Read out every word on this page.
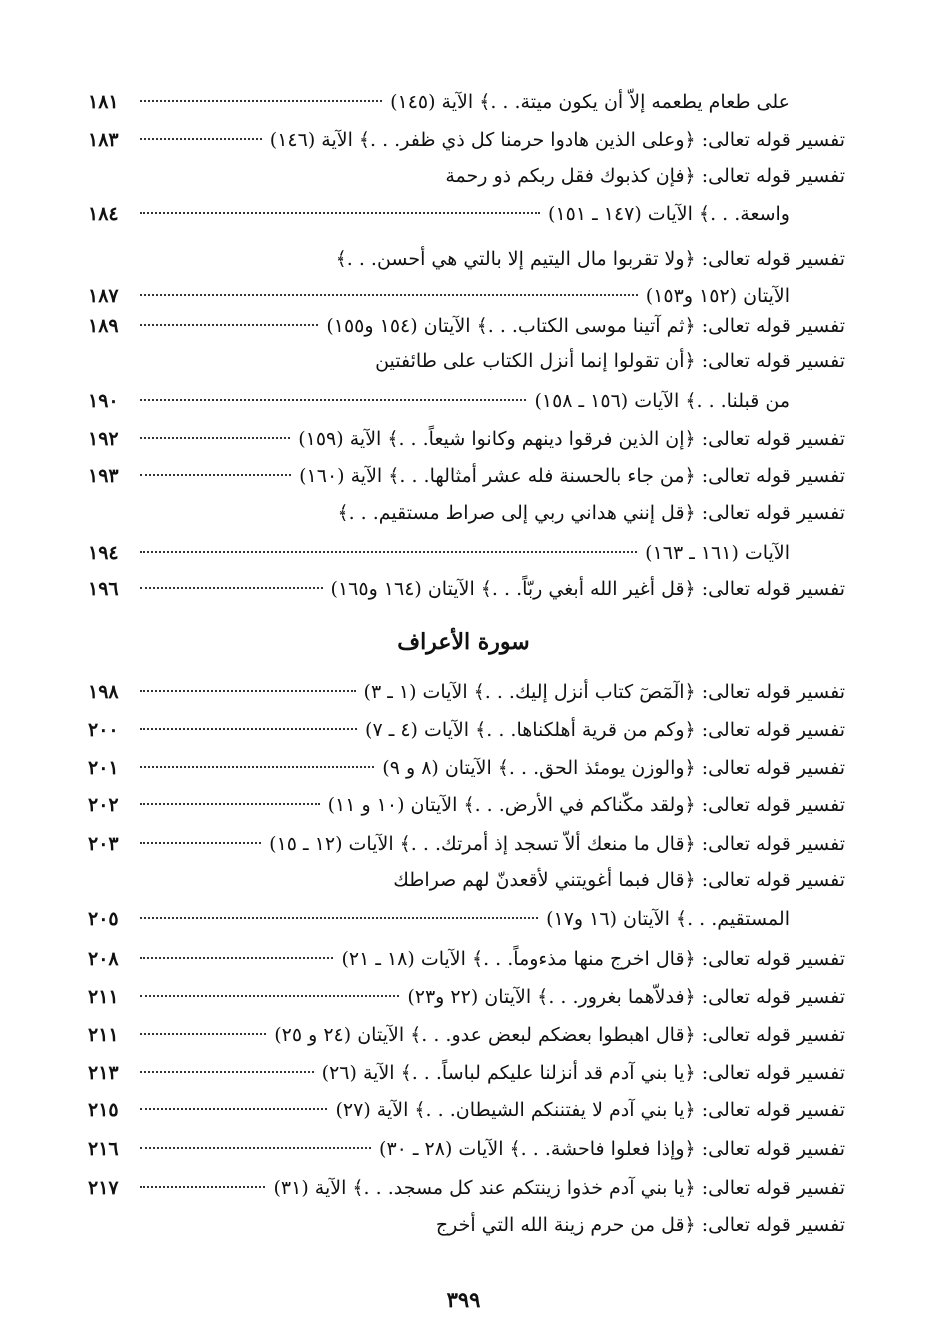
على طعام يطعمه إلاّ أن يكون ميتة. . .﴾ الآية (١٤٥)
١٨١
تفسير قوله تعالى: ﴿وعلى الذين هادوا حرمنا كل ذي ظفر. . .﴾ الآية (١٤٦)
١٨٣
تفسير قوله تعالى: ﴿فإن كذبوك فقل ربكم ذو رحمة
واسعة. . .﴾ الآيات (١٤٧ ـ ١٥١)
١٨٤
تفسير قوله تعالى: ﴿ولا تقربوا مال اليتيم إلا بالتي هي أحسن. . .﴾
الآيتان (١٥٢ و١٥٣)
١٨٧
تفسير قوله تعالى: ﴿ثم آتينا موسى الكتاب. . .﴾ الآيتان (١٥٤ و١٥٥)
١٨٩
تفسير قوله تعالى: ﴿أن تقولوا إنما أنزل الكتاب على طائفتين
من قبلنا. . .﴾ الآيات (١٥٦ ـ ١٥٨)
١٩٠
تفسير قوله تعالى: ﴿إن الذين فرقوا دينهم وكانوا شيعاً. . .﴾ الآية (١٥٩)
١٩٢
تفسير قوله تعالى: ﴿من جاء بالحسنة فله عشر أمثالها. . .﴾ الآية (١٦٠)
١٩٣
تفسير قوله تعالى: ﴿قل إنني هداني ربي إلى صراط مستقيم. . .﴾
الآيات (١٦١ ـ ١٦٣)
١٩٤
تفسير قوله تعالى: ﴿قل أغير الله أبغي ربّاً. . .﴾ الآيتان (١٦٤ و١٦٥)
١٩٦
سورة الأعراف
تفسير قوله تعالى: ﴿الٓمٓصٓ كتاب أنزل إليك. . .﴾ الآيات (١ ـ ٣)
١٩٨
تفسير قوله تعالى: ﴿وكم من قرية أهلكناها. . .﴾ الآيات (٤ ـ ٧)
٢٠٠
تفسير قوله تعالى: ﴿والوزن يومئذ الحق. . .﴾ الآيتان (٨ و ٩)
٢٠١
تفسير قوله تعالى: ﴿ولقد مكّناكم في الأرض. . .﴾ الآيتان (١٠ و ١١)
٢٠٢
تفسير قوله تعالى: ﴿قال ما منعك ألاّ تسجد إذ أمرتك. . .﴾ الآيات (١٢ ـ ١٥)
٢٠٣
تفسير قوله تعالى: ﴿قال فبما أغويتني لأقعدنّ لهم صراطك
المستقيم. . .﴾ الآيتان (١٦ و١٧)
٢٠٥
تفسير قوله تعالى: ﴿قال اخرج منها مذءوماً. . .﴾ الآيات (١٨ ـ ٢١)
٢٠٨
تفسير قوله تعالى: ﴿فدلاّهما بغرور. . .﴾ الآيتان (٢٢ و٢٣)
٢١١
تفسير قوله تعالى: ﴿قال اهبطوا بعضكم لبعض عدو. . .﴾ الآيتان (٢٤ و ٢٥)
٢١١
تفسير قوله تعالى: ﴿يا بني آدم قد أنزلنا عليكم لباساً. . .﴾ الآية (٢٦)
٢١٣
تفسير قوله تعالى: ﴿يا بني آدم لا يفتننكم الشيطان. . .﴾ الآية (٢٧)
٢١٥
تفسير قوله تعالى: ﴿وإذا فعلوا فاحشة. . .﴾ الآيات (٢٨ ـ ٣٠)
٢١٦
تفسير قوله تعالى: ﴿يا بني آدم خذوا زينتكم عند كل مسجد. . .﴾ الآية (٣١)
٢١٧
تفسير قوله تعالى: ﴿قل من حرم زينة الله التي أخرج
٣٩٩
